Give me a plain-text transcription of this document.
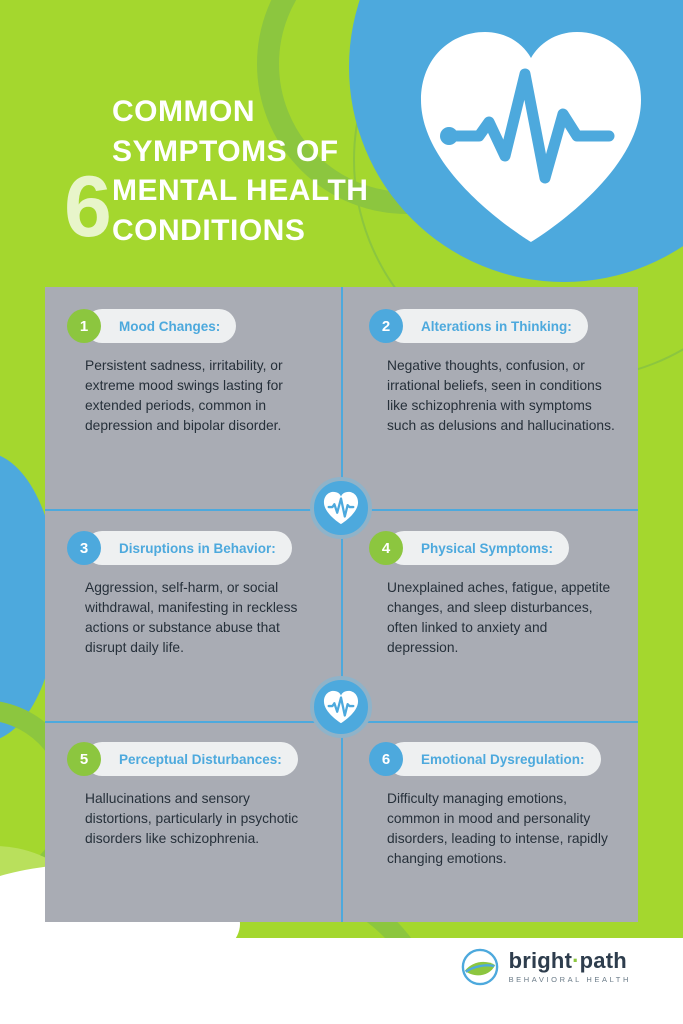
6
COMMON
SYMPTOMS OF
MENTAL HEALTH
CONDITIONS
Mood Changes:
1
Persistent sadness, irritability, or extreme mood swings lasting for extended periods, common in depression and bipolar disorder.
Alterations in Thinking:
2
Negative thoughts, confusion, or irrational beliefs, seen in conditions like schizophrenia with symptoms such as delusions and hallucinations.
Disruptions in Behavior:
3
Aggression, self-harm, or social withdrawal, manifesting in reckless actions or substance abuse that disrupt daily life.
Physical Symptoms:
4
Unexplained aches, fatigue, appetite changes, and sleep disturbances, often linked to anxiety and depression.
Perceptual Disturbances:
5
Hallucinations and sensory distortions, particularly in psychotic disorders like schizophrenia.
Emotional Dysregulation:
6
Difficulty managing emotions, common in mood and personality disorders, leading to intense, rapidly changing emotions.
bright·path
BEHAVIORAL HEALTH
